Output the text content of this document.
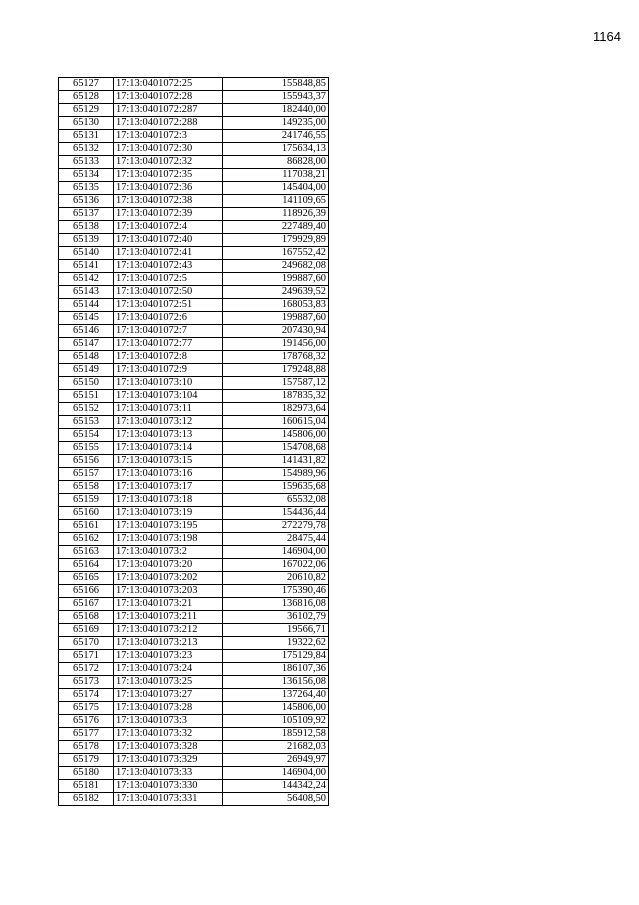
1164
65127	17:13:0401072:25	155848,85
65128	17:13:0401072:28	155943,37
65129	17:13:0401072:287	182440,00
65130	17:13:0401072:288	149235,00
65131	17:13:0401072:3	241746,55
65132	17:13:0401072:30	175634,13
65133	17:13:0401072:32	86828,00
65134	17:13:0401072:35	117038,21
65135	17:13:0401072:36	145404,00
65136	17:13:0401072:38	141109,65
65137	17:13:0401072:39	118926,39
65138	17:13:0401072:4	227489,40
65139	17:13:0401072:40	179929,89
65140	17:13:0401072:41	167552,42
65141	17:13:0401072:43	249682,08
65142	17:13:0401072:5	199887,60
65143	17:13:0401072:50	249639,52
65144	17:13:0401072:51	168053,83
65145	17:13:0401072:6	199887,60
65146	17:13:0401072:7	207430,94
65147	17:13:0401072:77	191456,00
65148	17:13:0401072:8	178768,32
65149	17:13:0401072:9	179248,88
65150	17:13:0401073:10	157587,12
65151	17:13:0401073:104	187835,32
65152	17:13:0401073:11	182973,64
65153	17:13:0401073:12	160615,04
65154	17:13:0401073:13	145806,00
65155	17:13:0401073:14	154708,68
65156	17:13:0401073:15	141431,82
65157	17:13:0401073:16	154989,96
65158	17:13:0401073:17	159635,68
65159	17:13:0401073:18	65532,08
65160	17:13:0401073:19	154436,44
65161	17:13:0401073:195	272279,78
65162	17:13:0401073:198	28475,44
65163	17:13:0401073:2	146904,00
65164	17:13:0401073:20	167022,06
65165	17:13:0401073:202	20610,82
65166	17:13:0401073:203	175390,46
65167	17:13:0401073:21	136816,08
65168	17:13:0401073:211	36102,79
65169	17:13:0401073:212	19566,71
65170	17:13:0401073:213	19322,62
65171	17:13:0401073:23	175129,84
65172	17:13:0401073:24	186107,36
65173	17:13:0401073:25	136156,08
65174	17:13:0401073:27	137264,40
65175	17:13:0401073:28	145806,00
65176	17:13:0401073:3	105109,92
65177	17:13:0401073:32	185912,58
65178	17:13:0401073:328	21682,03
65179	17:13:0401073:329	26949,97
65180	17:13:0401073:33	146904,00
65181	17:13:0401073:330	144342,24
65182	17:13:0401073:331	56408,50
